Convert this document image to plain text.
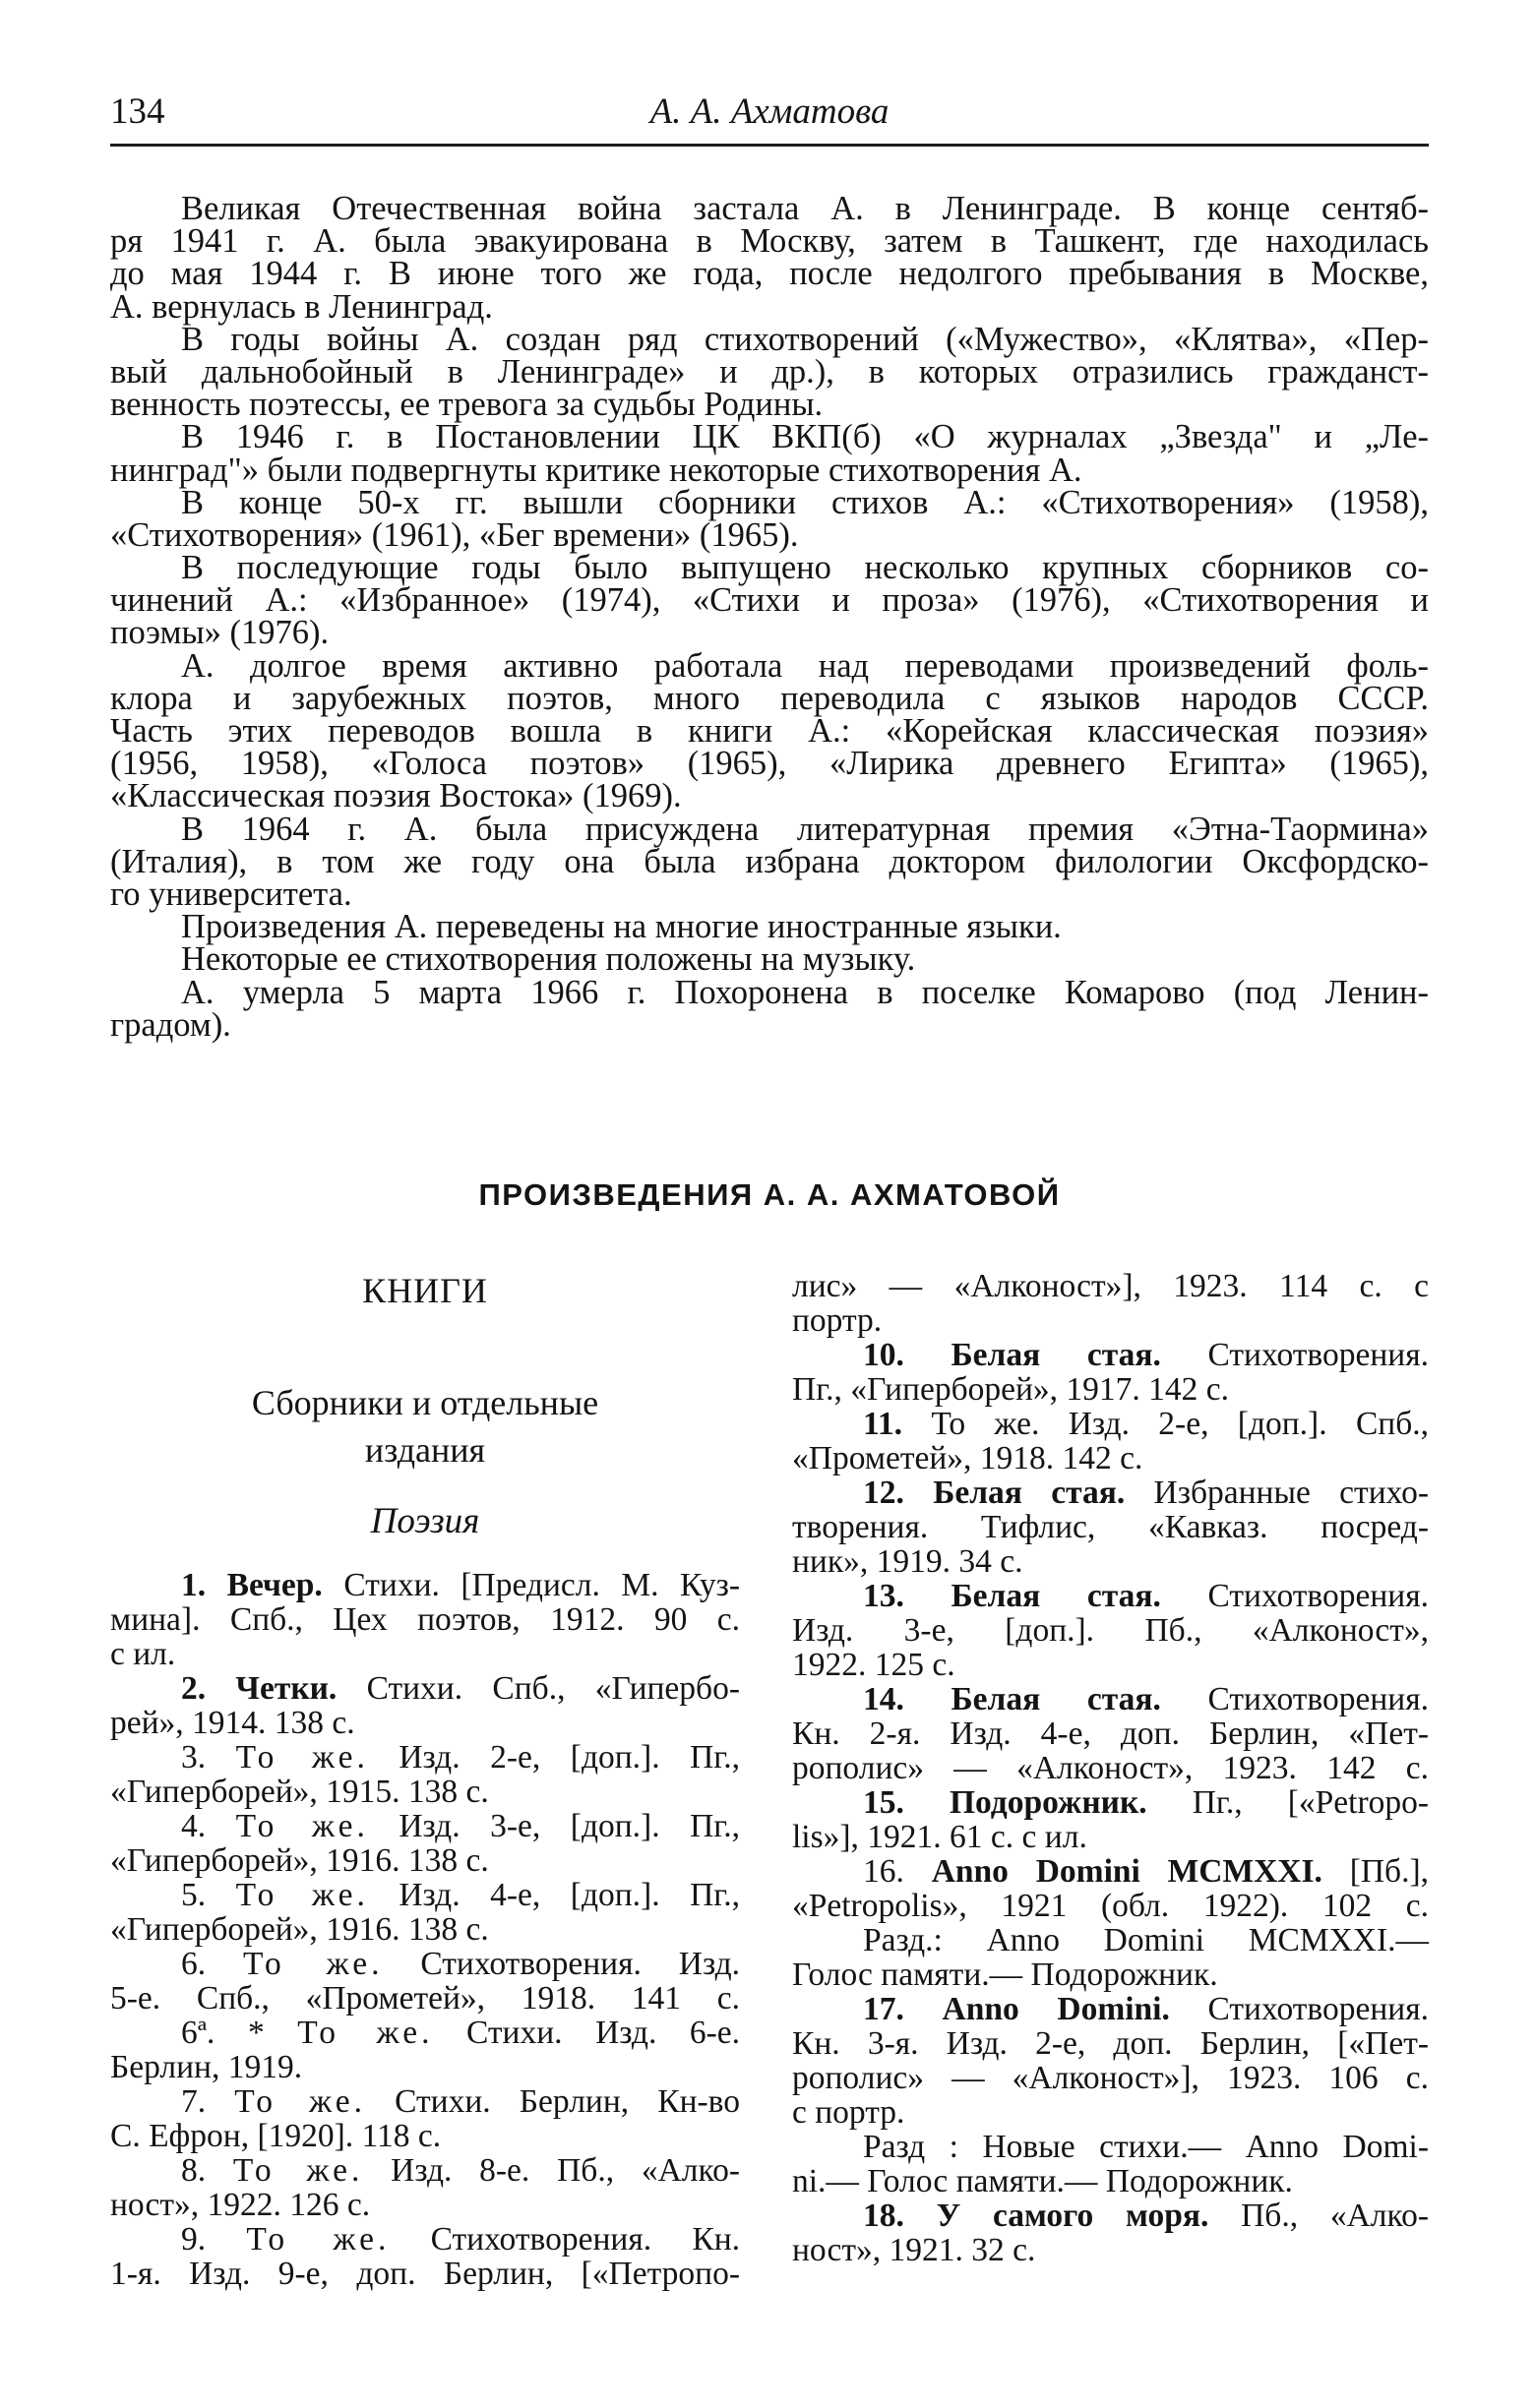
134	А. А. Ахматова
Великая Отечественная война застала А. в Ленинграде. В конце сентяб-
ря 1941 г. А. была эвакуирована в Москву, затем в Ташкент, где находилась
до мая 1944 г. В июне того же года, после недолгого пребывания в Москве,
А. вернулась в Ленинград.
В годы войны А. создан ряд стихотворений («Мужество», «Клятва», «Пер-
вый дальнобойный в Ленинграде» и др.), в которых отразились гражданст-
венность поэтессы, ее тревога за судьбы Родины.
В 1946 г. в Постановлении ЦК ВКП(б) «О журналах „Звезда" и „Ле-
нинград"» были подвергнуты критике некоторые стихотворения А.
В конце 50-х гг. вышли сборники стихов А.: «Стихотворения» (1958),
«Стихотворения» (1961), «Бег времени» (1965).
В последующие годы было выпущено несколько крупных сборников со-
чинений А.: «Избранное» (1974), «Стихи и проза» (1976), «Стихотворения и
поэмы» (1976).
А. долгое время активно работала над переводами произведений фоль-
клора и зарубежных поэтов, много переводила с языков народов СССР.
Часть этих переводов вошла в книги А.: «Корейская классическая поэзия»
(1956, 1958), «Голоса поэтов» (1965), «Лирика древнего Египта» (1965),
«Классическая поэзия Востока» (1969).
В 1964 г. А. была присуждена литературная премия «Этна-Таормина»
(Италия), в том же году она была избрана доктором филологии Оксфордско-
го университета.
Произведения А. переведены на многие иностранные языки.
Некоторые ее стихотворения положены на музыку.
А. умерла 5 марта 1966 г. Похоронена в поселке Комарово (под Ленин-
градом).
ПРОИЗВЕДЕНИЯ А. А. АХМАТОВОЙ
КНИГИ
Сборники и отдельные
издания
Поэзия
1. Вечер. Стихи. [Предисл. М. Куз-
мина]. Спб., Цех поэтов, 1912. 90 с.
с ил.
2. Четки. Стихи. Спб., «Гипербо-
рей», 1914. 138 с.
3. То же. Изд. 2-е, [доп.]. Пг.,
«Гиперборей», 1915. 138 с.
4. То же. Изд. 3-е, [доп.]. Пг.,
«Гиперборей», 1916. 138 с.
5. То же. Изд. 4-е, [доп.]. Пг.,
«Гиперборей», 1916. 138 с.
6. То же. Стихотворения. Изд.
5-е. Спб., «Прометей», 1918. 141 с.
6ª. * То же. Стихи. Изд. 6-е.
Берлин, 1919.
7. То же. Стихи. Берлин, Кн-во
С. Ефрон, [1920]. 118 с.
8. То же. Изд. 8-е. Пб., «Алко-
ност», 1922. 126 с.
9. То же. Стихотворения. Кн.
1-я. Изд. 9-е, доп. Берлин, [«Петропо-
лис» — «Алконост»], 1923. 114 с. с
портр.
10. Белая стая. Стихотворения.
Пг., «Гиперборей», 1917. 142 с.
11. То же. Изд. 2-е, [доп.]. Спб.,
«Прометей», 1918. 142 с.
12. Белая стая. Избранные стихо-
творения. Тифлис, «Кавказ. посред-
ник», 1919. 34 с.
13. Белая стая. Стихотворения.
Изд. 3-е, [доп.]. Пб., «Алконост»,
1922. 125 с.
14. Белая стая. Стихотворения.
Кн. 2-я. Изд. 4-е, доп. Берлин, «Пет-
рополис» — «Алконост», 1923. 142 с.
15. Подорожник. Пг., [«Petropo-
lis»], 1921. 61 с. с ил.
16. Anno Domini MCMXXI. [Пб.],
«Petropolis», 1921 (обл. 1922). 102 с.
Разд.: Anno Domini MCMXXI.—
Голос памяти.— Подорожник.
17. Anno Domini. Стихотворения.
Кн. 3-я. Изд. 2-е, доп. Берлин, [«Пет-
рополис» — «Алконост»], 1923. 106 с.
с портр.
Разд : Новые стихи.— Anno Domi-
ni.— Голос памяти.— Подорожник.
18. У самого моря. Пб., «Алко-
ност», 1921. 32 с.
